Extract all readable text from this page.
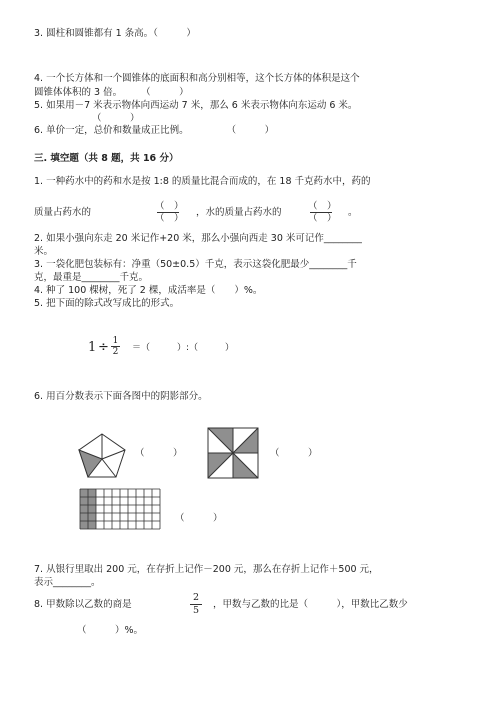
3. 圆柱和圆锥都有 1 条高。（　　　）
4. 一个长方体和一个圆锥体的底面积和高分别相等，这个长方体的体积是这个
圆锥体体积的 3 倍。　　　（　　　）
5. 如果用－7 米表示物体向西运动 7 米，那么 6 米表示物体向东运动 6 米。
（　　　）
6. 单价一定，总价和数量成正比例。　　　　　（　　　）
三. 填空题（共 8 题，共 16 分）
1. 一种药水中的药和水是按 1:8 的质量比混合而成的，在 18 千克药水中，药的
质量占药水的
（　）
（　）
，水的质量占药水的
（　）
（　）
。
2. 如果小强向东走 20 米记作+20 米，那么小强向西走 30 米可记作________
米。
3. 一袋化肥包装标有：净重（50±0.5）千克，表示这袋化肥最少________千
克，最重是________千克。
4. 种了 100 棵树，死了 2 棵，成活率是（　　）%。
5. 把下面的除式改写成比的形式。
1 ÷ 1
2 ＝（　　　）:（　　　）
6. 用百分数表示下面各图中的阴影部分。
（　　　）	（　　　）
（　　　）
7. 从银行里取出 200 元，在存折上记作－200 元，那么在存折上记作＋500 元，
表示________。
8. 甲数除以乙数的商是
2
5
，甲数与乙数的比是（　　　），甲数比乙数少
（　　　）%。
